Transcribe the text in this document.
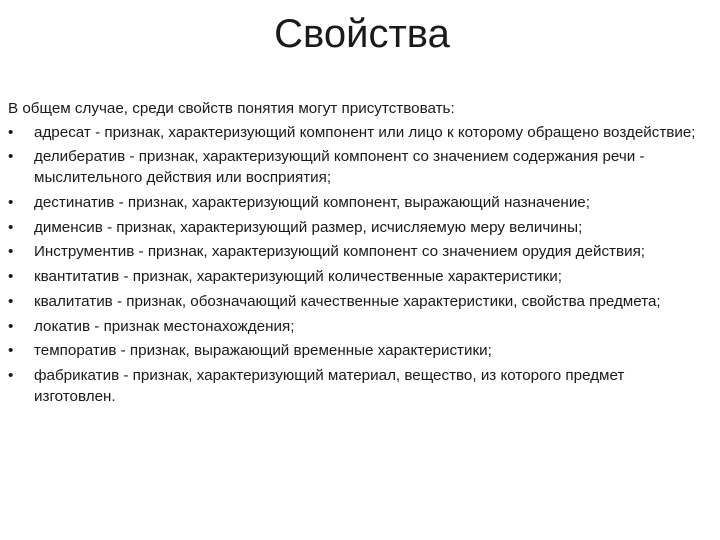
Свойства

В общем случае, среди свойств понятия могут присутствовать:

•	адресат - признак, характеризующий компонент или лицо к которому обращено воздействие;
•	делибератив - признак, характеризующий компонент со значением содержания речи - мыслительного действия или восприятия;
•	дестинатив - признак, характеризующий компонент, выражающий назначение;
•	дименсив - признак, характеризующий размер, исчисляемую меру величины;
•	Инструментив - признак, характеризующий компонент со значением орудия действия;
•	квантитатив - признак, характеризующий количественные характеристики;
•	квалитатив - признак, обозначающий качественные характеристики, свойства предмета;
•	локатив - признак местонахождения;
•	темпоратив - признак, выражающий временные характеристики;
•	фабрикатив - признак, характеризующий материал, вещество, из которого предмет изготовлен.
